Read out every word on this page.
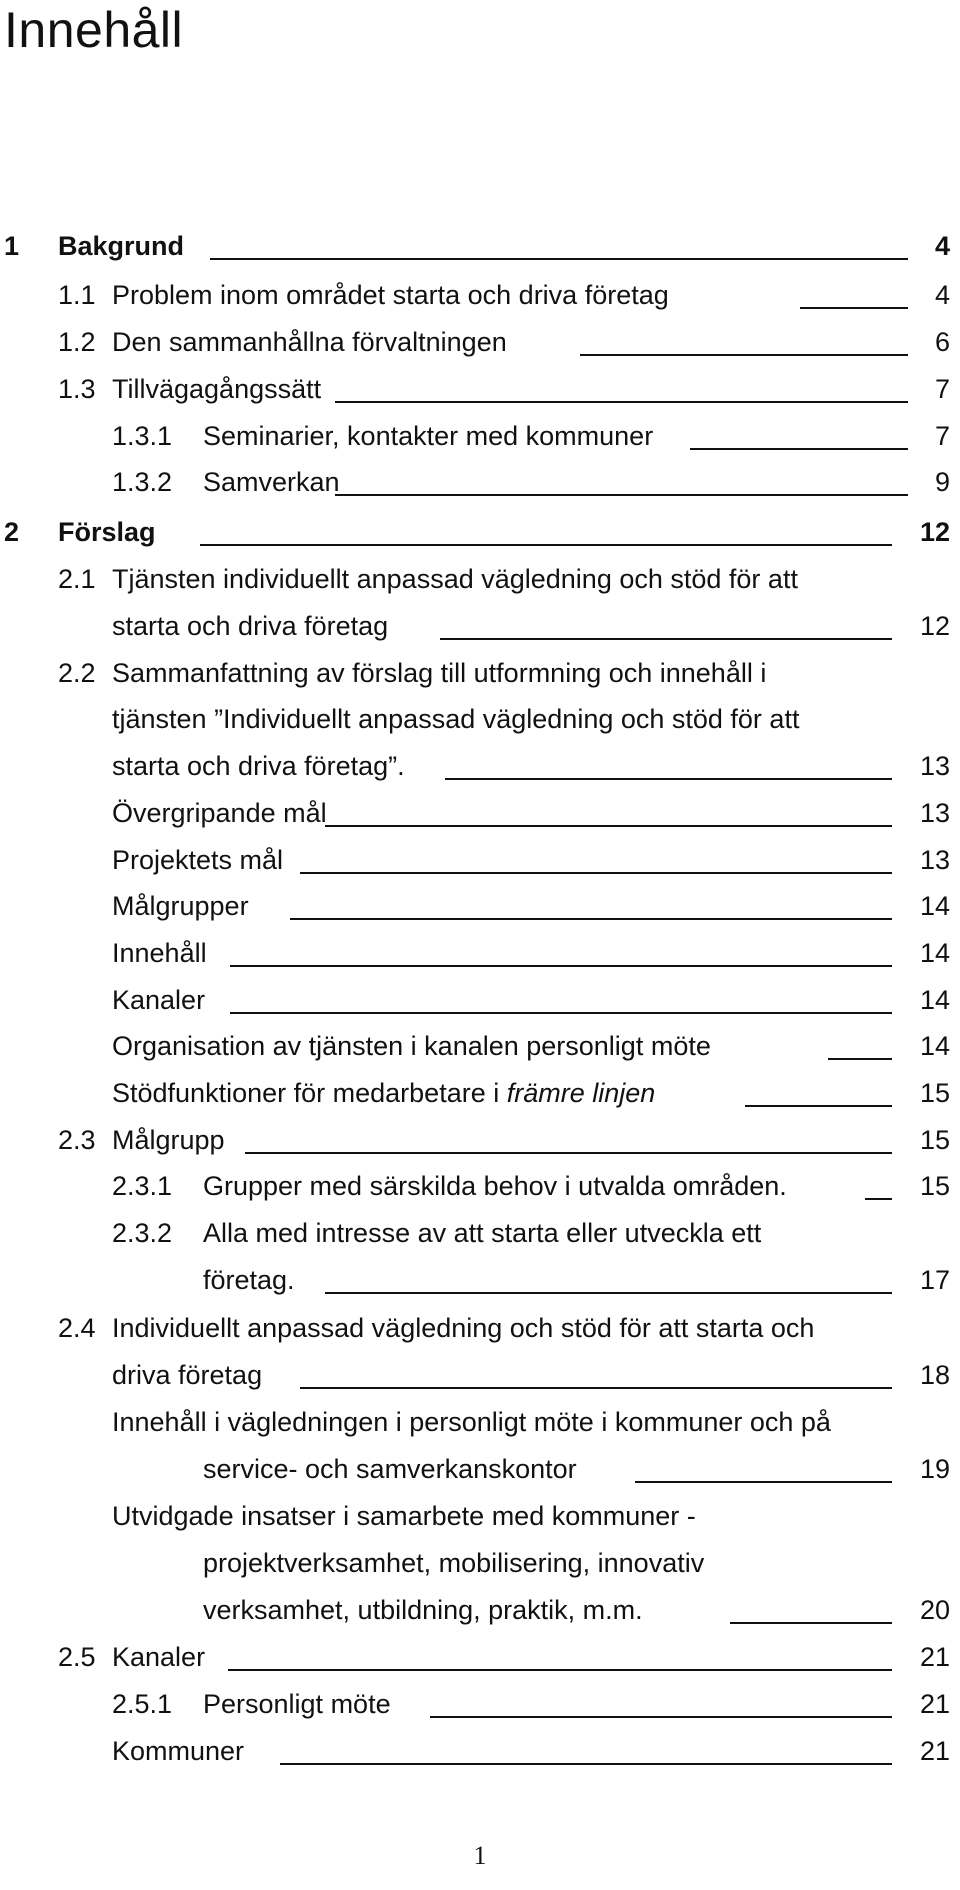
Innehåll
1 Bakgrund	4
1.1 Problem inom området starta och driva företag	4
1.2 Den sammanhållna förvaltningen	6
1.3 Tillvägagångssätt	7
1.3.1 Seminarier, kontakter med kommuner	7
1.3.2 Samverkan	9
2 Förslag	12
2.1 Tjänsten individuellt anpassad vägledning och stöd för att
starta och driva företag	12
2.2 Sammanfattning av förslag till utformning och innehåll i
tjänsten ”Individuellt anpassad vägledning och stöd för att
starta och driva företag”.	13
Övergripande mål	13
Projektets mål	13
Målgrupper	14
Innehåll	14
Kanaler	14
Organisation av tjänsten i kanalen personligt möte	14
Stödfunktioner för medarbetare i främre linjen	15
2.3 Målgrupp	15
2.3.1 Grupper med särskilda behov i utvalda områden.	15
2.3.2 Alla med intresse av att starta eller utveckla ett
företag.	17
2.4 Individuellt anpassad vägledning och stöd för att starta och
driva företag	18
Innehåll i vägledningen i personligt möte i kommuner och på
service- och samverkanskontor	19
Utvidgade insatser i samarbete med kommuner -
projektverksamhet, mobilisering, innovativ
verksamhet, utbildning, praktik, m.m.	20
2.5 Kanaler	21
2.5.1 Personligt möte	21
Kommuner	21
1
